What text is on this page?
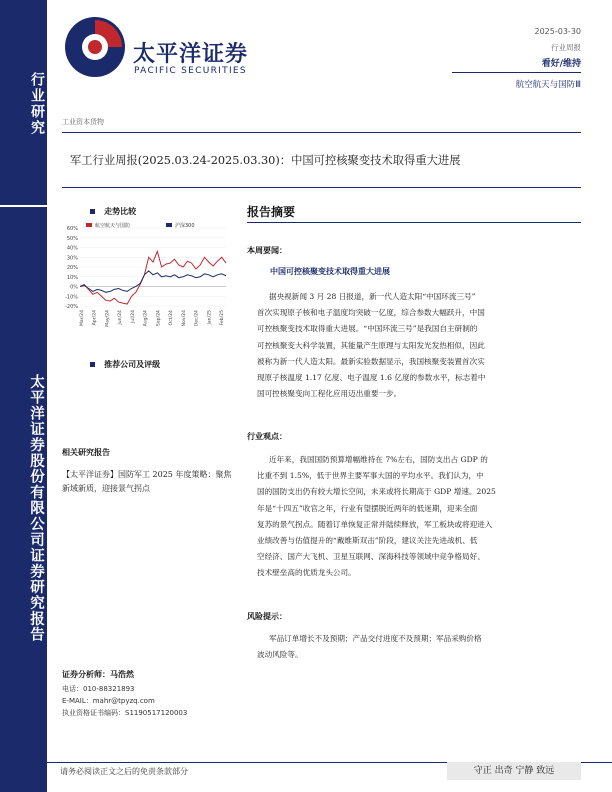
行业研究
太平洋证券股份有限公司证券研究报告
太平洋证券
PACIFIC SECURITIES
2025-03-30
行业周报
看好/维持
航空航天与国防Ⅲ
工业资本货物
军工行业周报(2025.03.24-2025.03.30)：中国可控核聚变技术取得重大进展
走势比较
60%
50%
40%
30%
20%
10%
0%
-10%
-20%
Mar/24 Apr/24 May/24 Jun/24 Jul/24 Aug/24 Sep/24 Oct/24 Nov/24 Dec/24 Jan/25 Feb/25
航空航天与国防	沪深300
推荐公司及评级
相关研究报告
【太平洋证券】国防军工 2025 年度策略：聚焦新域新质，迎接景气拐点
证券分析师：马浩然
电话：010-88321893
E-MAIL：mahr@tpyzq.com
执业资格证书编码：S1190517120003
报告摘要
本周要闻：
中国可控核聚变技术取得重大进展
据央视新闻 3 月 28 日报道，新一代人造太阳“中国环流三号”
首次实现原子核和电子温度均突破一亿度，综合参数大幅跃升，中国
可控核聚变技术取得重大进展。“中国环流三号”是我国自主研制的
可控核聚变大科学装置，其能量产生原理与太阳发光发热相似，因此
被称为新一代人造太阳。最新实验数据显示，我国核聚变装置首次实
现原子核温度 1.17 亿度、电子温度 1.6 亿度的参数水平，标志着中
国可控核聚变向工程化应用迈出重要一步。
行业观点：
近年来，我国国防预算增幅维持在 7%左右，国防支出占 GDP 的
比重不到 1.5%，低于世界主要军事大国的平均水平。我们认为，中
国的国防支出仍有较大增长空间，未来或将长期高于 GDP 增速。2025
年是“十四五”收官之年，行业有望摆脱近两年的低迷期，迎来全面
复苏的景气拐点。随着订单恢复正常并陆续释放，军工板块或将迎进入
业绩改善与估值提升的“戴维斯双击”阶段，建议关注先进战机、低
空经济、国产大飞机、卫星互联网、深海科技等领域中竞争格局好、
技术壁垒高的优质龙头公司。
风险提示：
军品订单增长不及预期；产品交付进度不及预期；军品采购价格
波动风险等。
请务必阅读正文之后的免责条款部分	守正 出奇 宁静 致远
